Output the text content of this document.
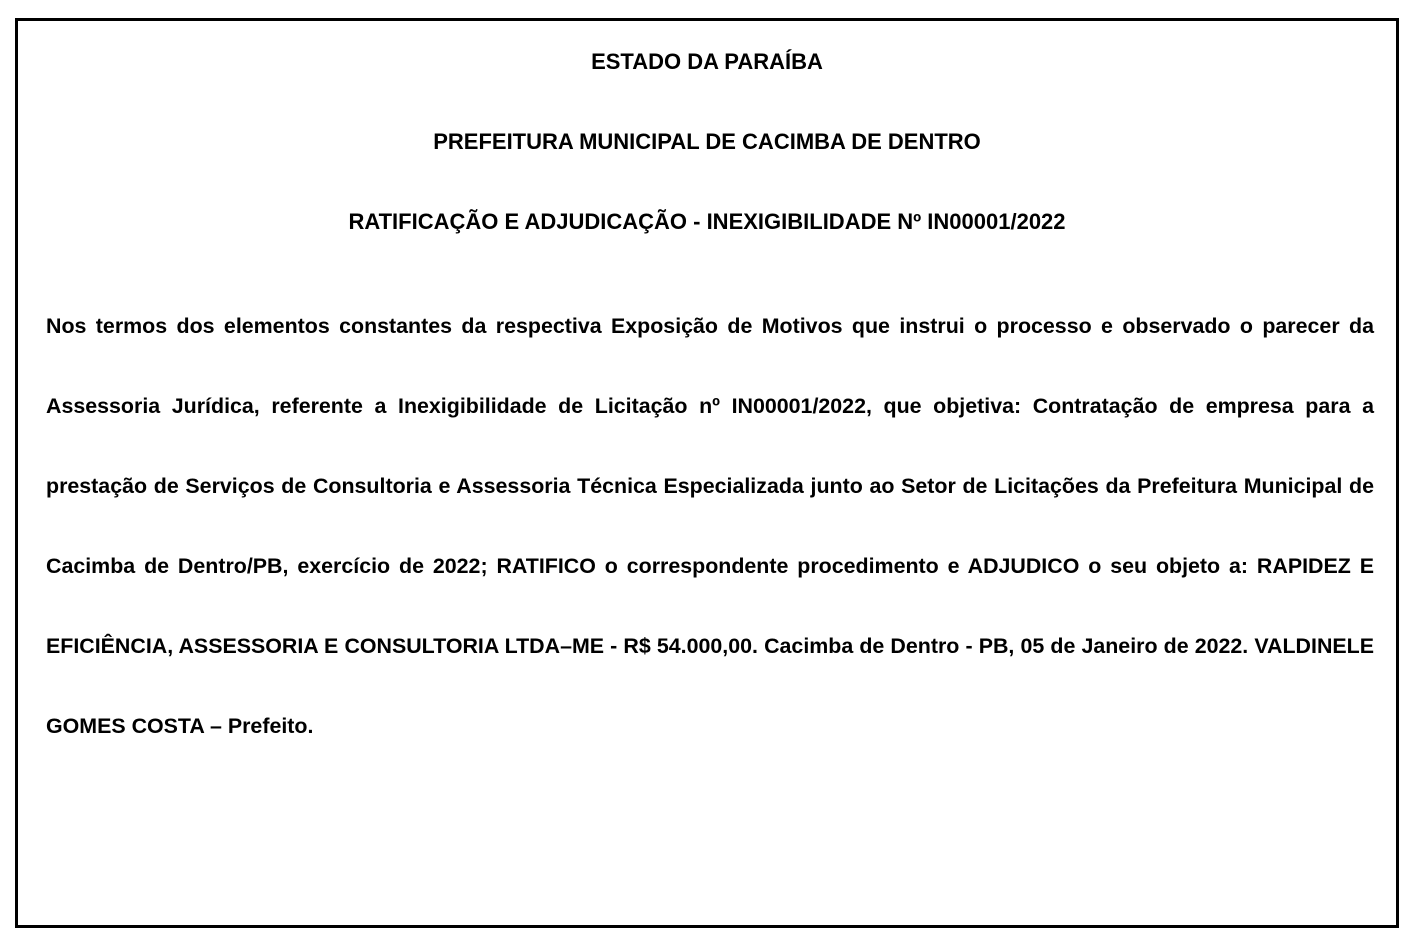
ESTADO DA PARAÍBA

PREFEITURA MUNICIPAL DE CACIMBA DE DENTRO

RATIFICAÇÃO E ADJUDICAÇÃO - INEXIGIBILIDADE Nº IN00001/2022

Nos termos dos elementos constantes da respectiva Exposição de Motivos que instrui o processo e observado o parecer da Assessoria Jurídica, referente a Inexigibilidade de Licitação nº IN00001/2022, que objetiva: Contratação de empresa para a prestação de Serviços de Consultoria e Assessoria Técnica Especializada junto ao Setor de Licitações da Prefeitura Municipal de Cacimba de Dentro/PB, exercício de 2022; RATIFICO o correspondente procedimento e ADJUDICO o seu objeto a: RAPIDEZ E EFICIÊNCIA, ASSESSORIA E CONSULTORIA LTDA–ME - R$ 54.000,00. Cacimba de Dentro - PB, 05 de Janeiro de 2022. VALDINELE GOMES COSTA – Prefeito.
